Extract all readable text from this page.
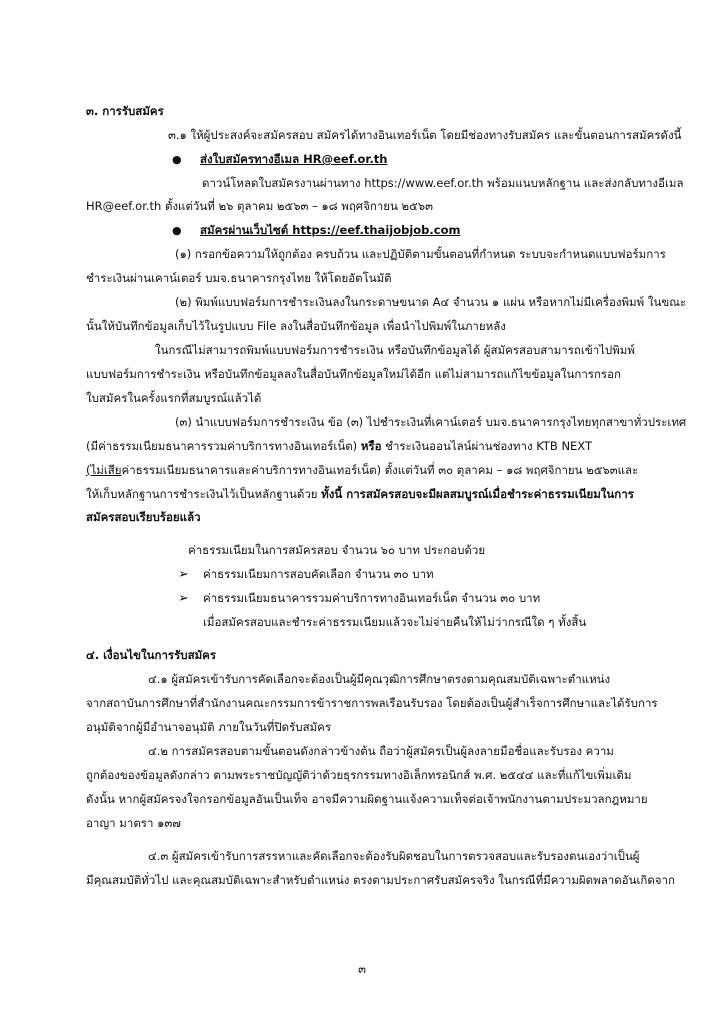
๓. การรับสมัคร
๓.๑ ให้ผู้ประสงค์จะสมัครสอบ สมัครได้ทางอินเทอร์เน็ต โดยมีช่องทางรับสมัคร และขั้นตอนการสมัครดังนี้
● ส่งใบสมัครทางอีเมล HR@eef.or.th
ดาวน์โหลดใบสมัครงานผ่านทาง https://www.eef.or.th พร้อมแนบหลักฐาน และส่งกลับทางอีเมล
HR@eef.or.th ตั้งแต่วันที่ ๒๖ ตุลาคม ๒๕๖๓ – ๑๘ พฤศจิกายน ๒๕๖๓
● สมัครผ่านเว็บไซต์ https://eef.thaijobjob.com
(๑) กรอกข้อความให้ถูกต้อง ครบถ้วน และปฏิบัติตามขั้นตอนที่กำหนด ระบบจะกำหนดแบบฟอร์มการ
ชำระเงินผ่านเคาน์เตอร์ บมจ.ธนาคารกรุงไทย ให้โดยอัตโนมัติ
(๒) พิมพ์แบบฟอร์มการชำระเงินลงในกระดาษขนาด A๔ จำนวน ๑ แผ่น หรือหากไม่มีเครื่องพิมพ์ ในขณะ
นั้นให้บันทึกข้อมูลเก็บไว้ในรูปแบบ File ลงในสื่อบันทึกข้อมูล เพื่อนำไปพิมพ์ในภายหลัง
ในกรณีไม่สามารถพิมพ์แบบฟอร์มการชำระเงิน หรือบันทึกข้อมูลได้ ผู้สมัครสอบสามารถเข้าไปพิมพ์
แบบฟอร์มการชำระเงิน หรือบันทึกข้อมูลลงในสื่อบันทึกข้อมูลใหม่ได้อีก แต่ไม่สามารถแก้ไขข้อมูลในการกรอก
ใบสมัครในครั้งแรกที่สมบูรณ์แล้วได้
(๓) นำแบบฟอร์มการชำระเงิน ข้อ (๓) ไปชำระเงินที่เคาน์เตอร์ บมจ.ธนาคารกรุงไทยทุกสาขาทั่วประเทศ
(มีค่าธรรมเนียมธนาคารรวมค่าบริการทางอินเทอร์เน็ต) หรือ ชำระเงินออนไลน์ผ่านช่องทาง KTB NEXT
(ไม่เสียค่าธรรมเนียมธนาคารและค่าบริการทางอินเทอร์เน็ต) ตั้งแต่วันที่ ๓๐ ตุลาคม – ๑๘ พฤศจิกายน ๒๕๖๓และ
ให้เก็บหลักฐานการชำระเงินไว้เป็นหลักฐานด้วย ทั้งนี้ การสมัครสอบจะมีผลสมบูรณ์เมื่อชำระค่าธรรมเนียมในการ
สมัครสอบเรียบร้อยแล้ว
ค่าธรรมเนียมในการสมัครสอบ จำนวน ๖๐ บาท ประกอบด้วย
➢ ค่าธรรมเนียมการสอบคัดเลือก จำนวน ๓๐ บาท
➢ ค่าธรรมเนียมธนาคารรวมค่าบริการทางอินเทอร์เน็ต จำนวน ๓๐ บาท
เมื่อสมัครสอบและชำระค่าธรรมเนียมแล้วจะไม่จ่ายคืนให้ไม่ว่ากรณีใด ๆ ทั้งสิ้น
๔. เงื่อนไขในการรับสมัคร
๔.๑ ผู้สมัครเข้ารับการคัดเลือกจะต้องเป็นผู้มีคุณวุฒิการศึกษาตรงตามคุณสมบัติเฉพาะตำแหน่ง
จากสถาบันการศึกษาที่สำนักงานคณะกรรมการข้าราชการพลเรือนรับรอง โดยต้องเป็นผู้สำเร็จการศึกษาและได้รับการ
อนุมัติจากผู้มีอำนาจอนุมัติ ภายในวันที่ปิดรับสมัคร
๔.๒ การสมัครสอบตามขั้นตอนดังกล่าวข้างต้น ถือว่าผู้สมัครเป็นผู้ลงลายมือชื่อและรับรอง ความ
ถูกต้องของข้อมูลดังกล่าว ตามพระราชบัญญัติว่าด้วยธุรกรรมทางอิเล็กทรอนิกส์ พ.ศ. ๒๕๔๔ และที่แก้ไขเพิ่มเติม
ดังนั้น หากผู้สมัครจงใจกรอกข้อมูลอันเป็นเท็จ อาจมีความผิดฐานแจ้งความเท็จต่อเจ้าพนักงานตามประมวลกฎหมาย
อาญา มาตรา ๑๓๗
๔.๓ ผู้สมัครเข้ารับการสรรหาและคัดเลือกจะต้องรับผิดชอบในการตรวจสอบและรับรองตนเองว่าเป็นผู้
มีคุณสมบัติทั่วไป และคุณสมบัติเฉพาะสำหรับตำแหน่ง ตรงตามประกาศรับสมัครจริง ในกรณีที่มีความผิดพลาดอันเกิดจาก
๓
